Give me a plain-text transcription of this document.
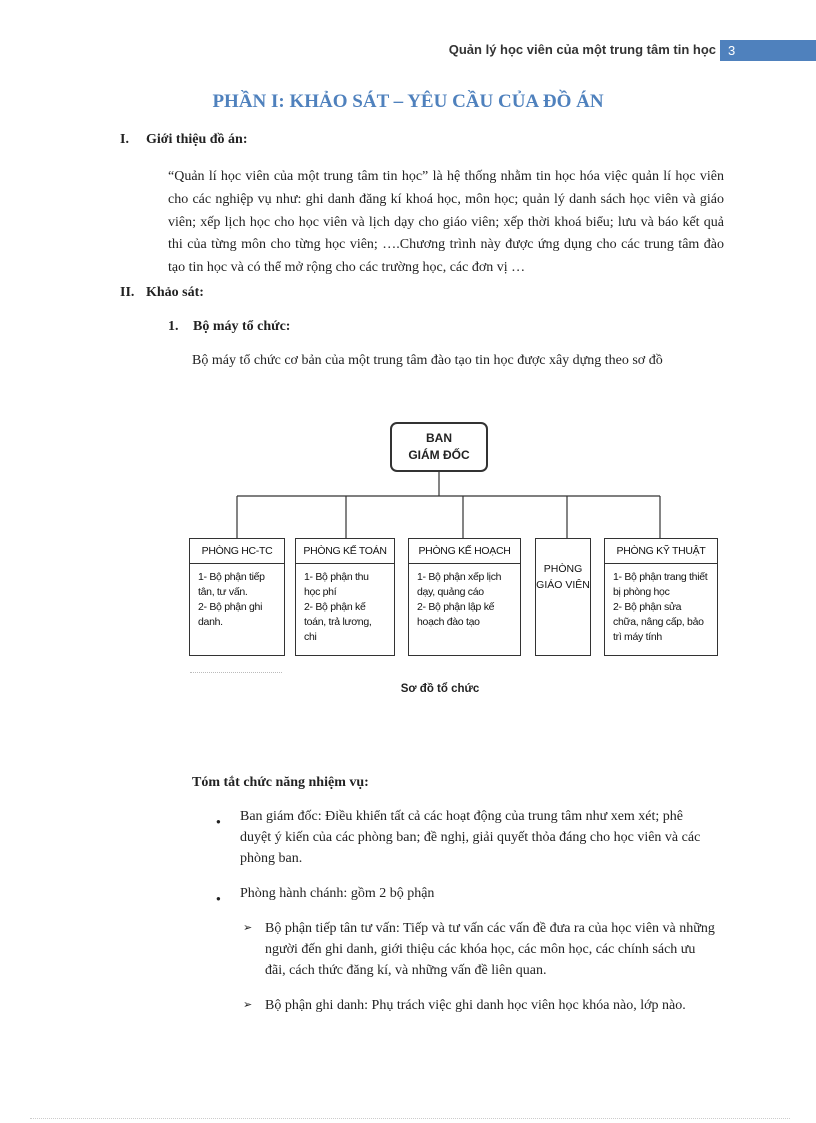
Quản lý học viên của một trung tâm tin học 3
PHẦN I: KHẢO SÁT – YÊU CẦU CỦA ĐỒ ÁN
I. Giới thiệu đồ án:
“Quản lí học viên của một trung tâm tin học” là hệ thống nhằm tin học hóa việc quản lí học viên cho các nghiệp vụ như: ghi danh đăng kí khoá học, môn học; quản lý danh sách học viên và giáo viên; xếp lịch học cho học viên và lịch dạy cho giáo viên; xếp thời khoá biểu; lưu và báo kết quả thi của từng môn cho từng học viên; ….Chương trình này được ứng dụng cho các trung tâm đào tạo tin học và có thể mở rộng cho các trường học, các đơn vị …
II. Khảo sát:
1. Bộ máy tổ chức:
Bộ máy tổ chức cơ bản của một trung tâm đào tạo tin học được xây dựng theo sơ đồ
BAN
GIÁM ĐỐC
PHÒNG HC-TC
1- Bộ phận tiếp tân, tư vấn.
2- Bộ phận ghi danh.
PHÒNG KẾ TOÁN
1- Bộ phận thu học phí
2- Bộ phận kế toán, trả lương, chi
PHÒNG KẾ HOẠCH
1- Bộ phận xếp lịch dạy, quảng cáo
2- Bộ phận lập kế hoạch đào tạo
PHÒNG GIÁO VIÊN
PHÒNG KỸ THUẬT
1- Bộ phận trang thiết bị phòng học
2- Bộ phận sửa chữa, nâng cấp, bảo trì máy tính
Sơ đồ tổ chức
Tóm tắt chức năng nhiệm vụ:
● Ban giám đốc: Điều khiển tất cả các hoạt động của trung tâm như xem xét; phê duyệt ý kiến của các phòng ban; đề nghị, giải quyết thỏa đáng cho học viên và các phòng ban.
● Phòng hành chánh: gồm 2 bộ phận
➢ Bộ phận tiếp tân tư vấn: Tiếp và tư vấn các vấn đề đưa ra của học viên và những người đến ghi danh, giới thiệu các khóa học, các môn học, các chính sách ưu đãi, cách thức đăng kí, và những vấn đề liên quan.
➢ Bộ phận ghi danh: Phụ trách việc ghi danh học viên học khóa nào, lớp nào.
